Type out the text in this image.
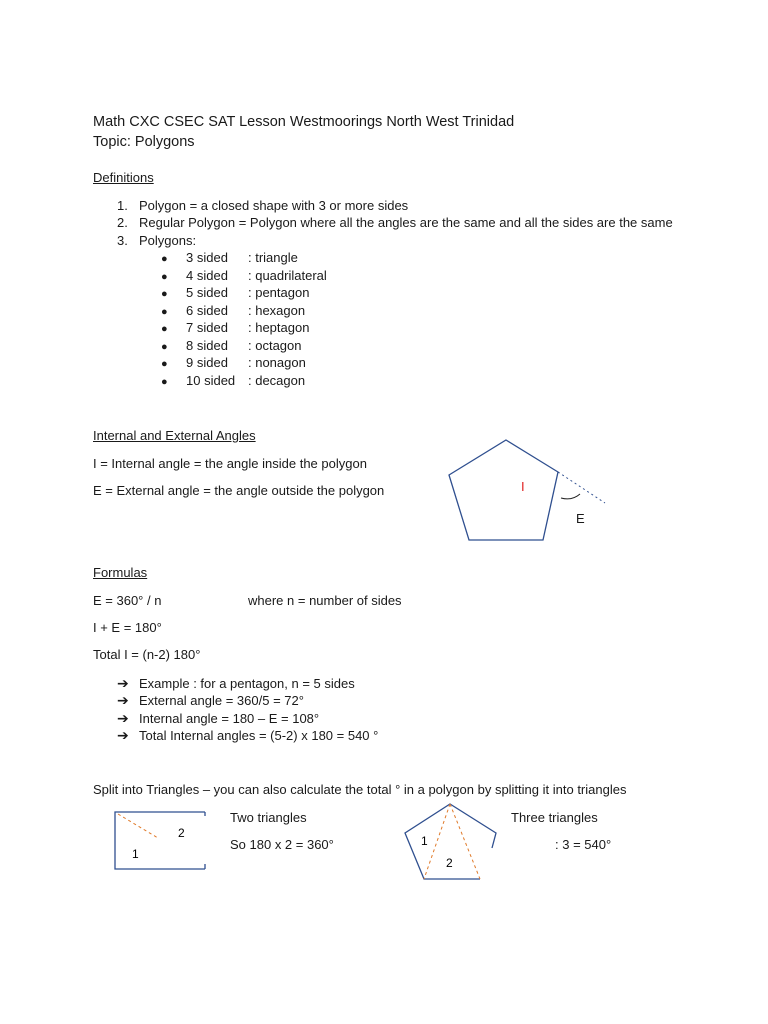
Math CXC CSEC SAT Lesson Westmoorings North West Trinidad
Topic: Polygons
Definitions
1. Polygon = a closed shape with 3 or more sides
2. Regular Polygon = Polygon where all the angles are the same and all the sides are the same
3. Polygons:
● 3 sided : triangle
● 4 sided : quadrilateral
● 5 sided : pentagon
● 6 sided : hexagon
● 7 sided : heptagon
● 8 sided : octagon
● 9 sided : nonagon
● 10 sided : decagon
Internal and External Angles
I = Internal angle = the angle inside the polygon
E = External angle = the angle outside the polygon	I
E
Formulas
E = 360° / n	where n = number of sides
I + E = 180°
Total I = (n-2) 180°
➔ Example : for a pentagon, n = 5 sides
➔ External angle = 360/5 = 72°
➔ Internal angle = 180 – E = 108°
➔ Total Internal angles = (5-2) x 180 = 540 °
Split into Triangles – you can also calculate the total ° in a polygon by splitting it into triangles
1
2
Two triangles
So 180 x 2 = 360°	1
2
Three triangles
: 3 = 540°
